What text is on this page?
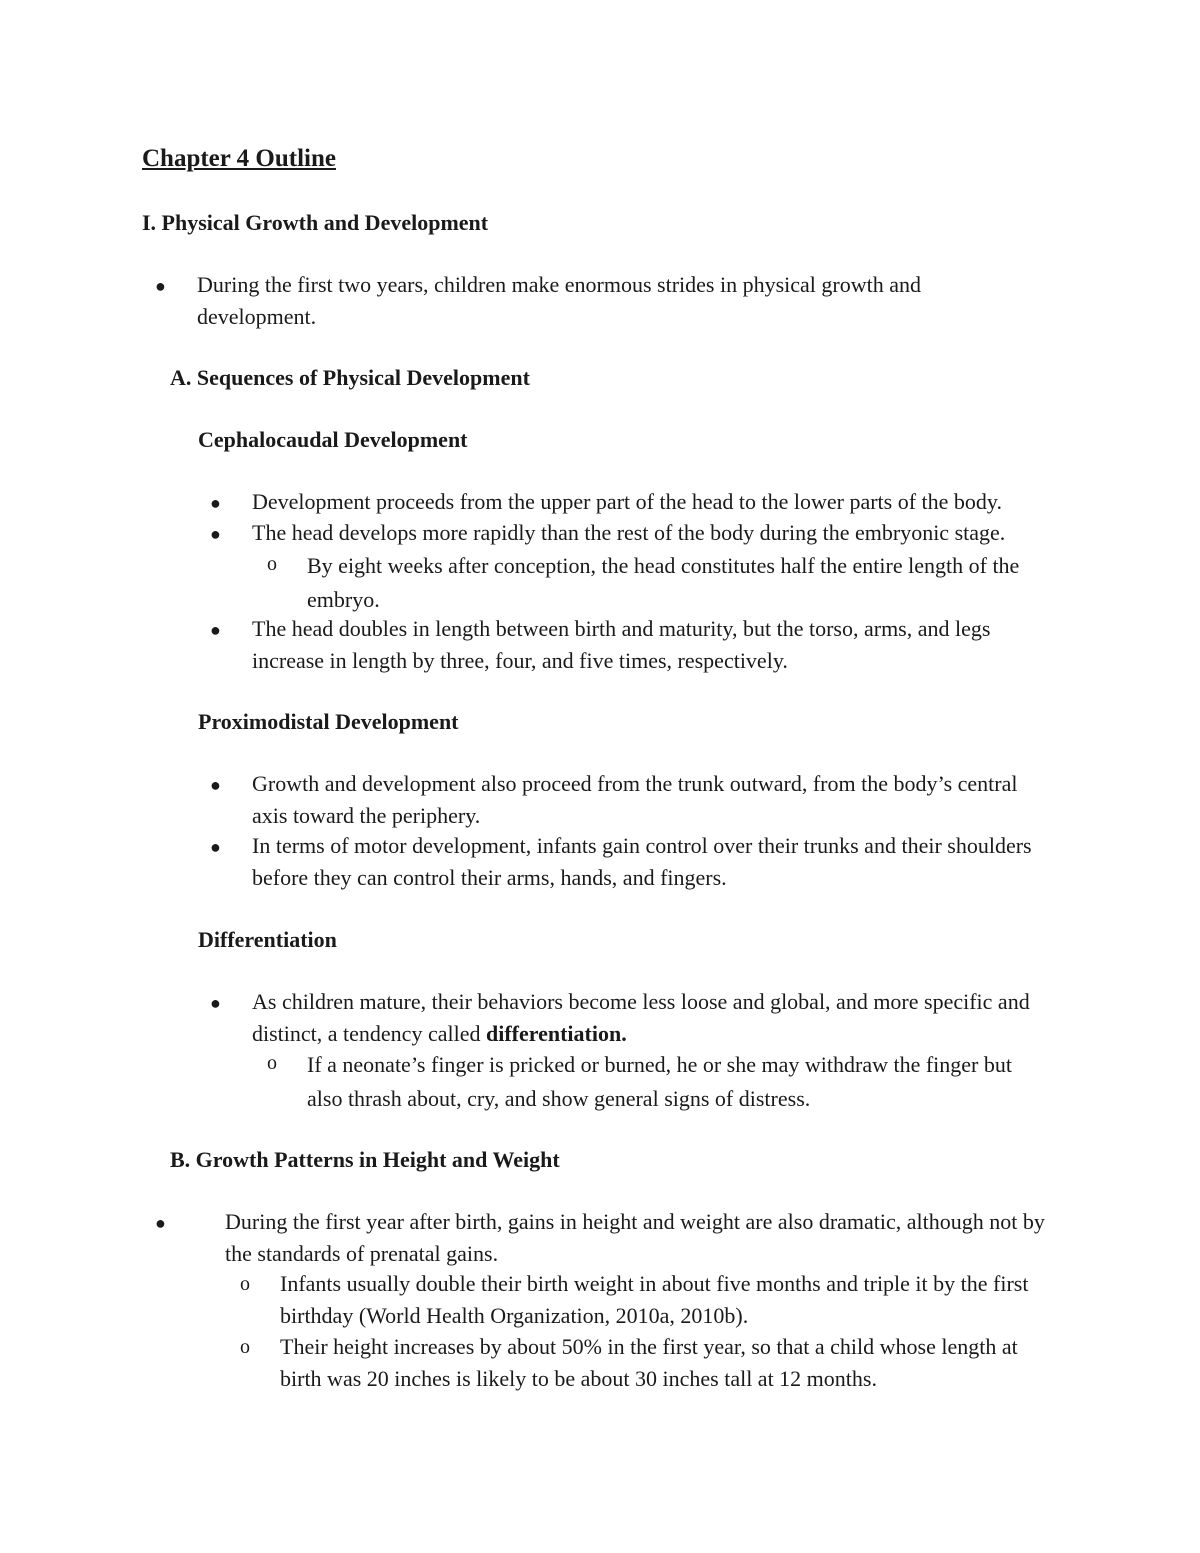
Chapter 4 Outline
I. Physical Growth and Development
● During the first two years, children make enormous strides in physical growth and development.
A. Sequences of Physical Development
Cephalocaudal Development
● Development proceeds from the upper part of the head to the lower parts of the body.
● The head develops more rapidly than the rest of the body during the embryonic stage.
o By eight weeks after conception, the head constitutes half the entire length of the embryo.
● The head doubles in length between birth and maturity, but the torso, arms, and legs increase in length by three, four, and five times, respectively.
Proximodistal Development
● Growth and development also proceed from the trunk outward, from the body’s central axis toward the periphery.
● In terms of motor development, infants gain control over their trunks and their shoulders before they can control their arms, hands, and fingers.
Differentiation
● As children mature, their behaviors become less loose and global, and more specific and distinct, a tendency called differentiation.
o If a neonate’s finger is pricked or burned, he or she may withdraw the finger but also thrash about, cry, and show general signs of distress.
B. Growth Patterns in Height and Weight
●	During the first year after birth, gains in height and weight are also dramatic, although not by the standards of prenatal gains.
o Infants usually double their birth weight in about five months and triple it by the first birthday (World Health Organization, 2010a, 2010b).
o Their height increases by about 50% in the first year, so that a child whose length at birth was 20 inches is likely to be about 30 inches tall at 12 months.
